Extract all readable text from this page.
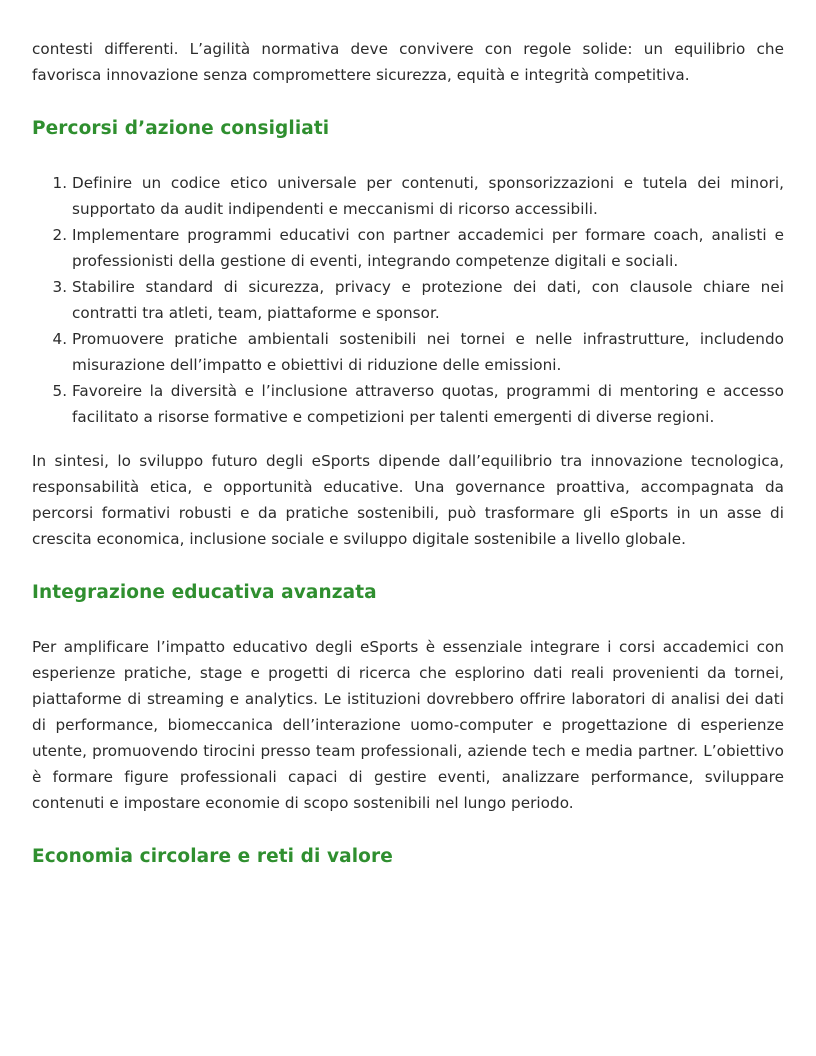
contesti differenti. L’agilità normativa deve convivere con regole solide: un equilibrio che favorisca innovazione senza compromettere sicurezza, equità e integrità competitiva.

Percorsi d’azione consigliati
1. Definire un codice etico universale per contenuti, sponsorizzazioni e tutela dei minori, supportato da audit indipendenti e meccanismi di ricorso accessibili.
2. Implementare programmi educativi con partner accademici per formare coach, analisti e professionisti della gestione di eventi, integrando competenze digitali e sociali.
3. Stabilire standard di sicurezza, privacy e protezione dei dati, con clausole chiare nei contratti tra atleti, team, piattaforme e sponsor.
4. Promuovere pratiche ambientali sostenibili nei tornei e nelle infrastrutture, includendo misurazione dell’impatto e obiettivi di riduzione delle emissioni.
5. Favoreire la diversità e l’inclusione attraverso quotas, programmi di mentoring e accesso facilitato a risorse formative e competizioni per talenti emergenti di diverse regioni.

In sintesi, lo sviluppo futuro degli eSports dipende dall’equilibrio tra innovazione tecnologica, responsabilità etica, e opportunità educative. Una governance proattiva, accompagnata da percorsi formativi robusti e da pratiche sostenibili, può trasformare gli eSports in un asse di crescita economica, inclusione sociale e sviluppo digitale sostenibile a livello globale.

Integrazione educativa avanzata

Per amplificare l’impatto educativo degli eSports è essenziale integrare i corsi accademici con esperienze pratiche, stage e progetti di ricerca che esplorino dati reali provenienti da tornei, piattaforme di streaming e analytics. Le istituzioni dovrebbero offrire laboratori di analisi dei dati di performance, biomeccanica dell’interazione uomo-computer e progettazione di esperienze utente, promuovendo tirocini presso team professionali, aziende tech e media partner. L’obiettivo è formare figure professionali capaci di gestire eventi, analizzare performance, sviluppare contenuti e impostare economie di scopo sostenibili nel lungo periodo.

Economia circolare e reti di valore
